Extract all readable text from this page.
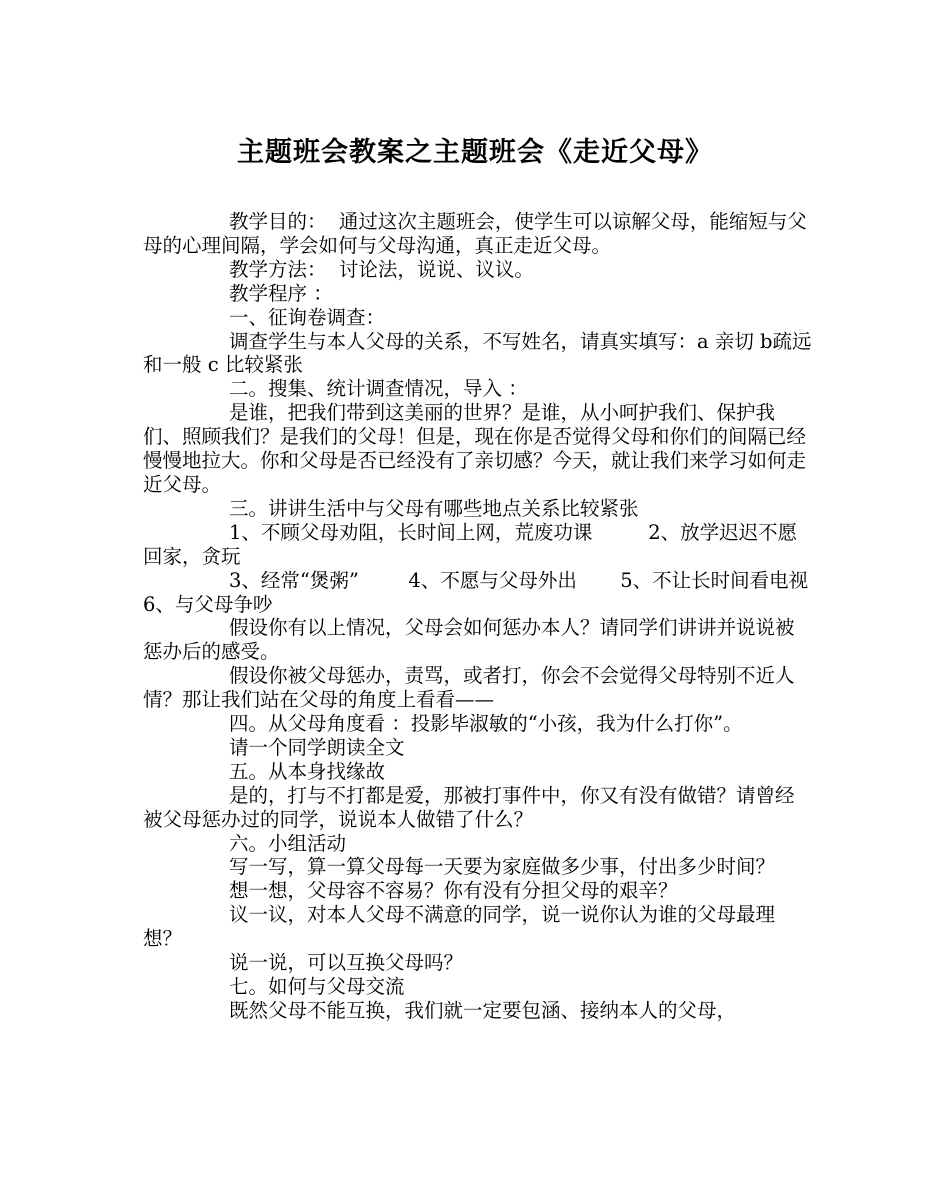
主题班会教案之主题班会《走近父母》

教学目的：  通过这次主题班会，使学生可以谅解父母，能缩短与父母的心理间隔，学会如何与父母沟通，真正走近父母。

教学方法：  讨论法，说说、议议。

教学程序 ：

一、征询卷调查：

调查学生与本人父母的关系，不写姓名，请真实填写：a 亲切 b疏远和一般 c 比较紧张

二。搜集、统计调查情况，导入 ：

是谁，把我们带到这美丽的世界？是谁，从小呵护我们、保护我们、照顾我们？是我们的父母！但是，现在你是否觉得父母和你们的间隔已经慢慢地拉大。你和父母是否已经没有了亲切感？今天，就让我们来学习如何走近父母。

三。讲讲生活中与父母有哪些地点关系比较紧张

1、不顾父母劝阻，长时间上网，荒废功课         2、放学迟迟不愿回家，贪玩

3、经常“煲粥”        4、不愿与父母外出       5、不让长时间看电视        6、与父母争吵

假设你有以上情况，父母会如何惩办本人？请同学们讲讲并说说被惩办后的感受。

假设你被父母惩办，责骂，或者打，你会不会觉得父母特别不近人情？那让我们站在父母的角度上看看——

四。从父母角度看 ：投影毕淑敏的“小孩，我为什么打你”。

请一个同学朗读全文

五。从本身找缘故

是的，打与不打都是爱，那被打事件中，你又有没有做错？请曾经被父母惩办过的同学，说说本人做错了什么？

六。小组活动

写一写，算一算父母每一天要为家庭做多少事，付出多少时间？

想一想，父母容不容易？你有没有分担父母的艰辛？

议一议，对本人父母不满意的同学，说一说你认为谁的父母最理想？

说一说，可以互换父母吗？

七。如何与父母交流

既然父母不能互换，我们就一定要包涵、接纳本人的父母，
